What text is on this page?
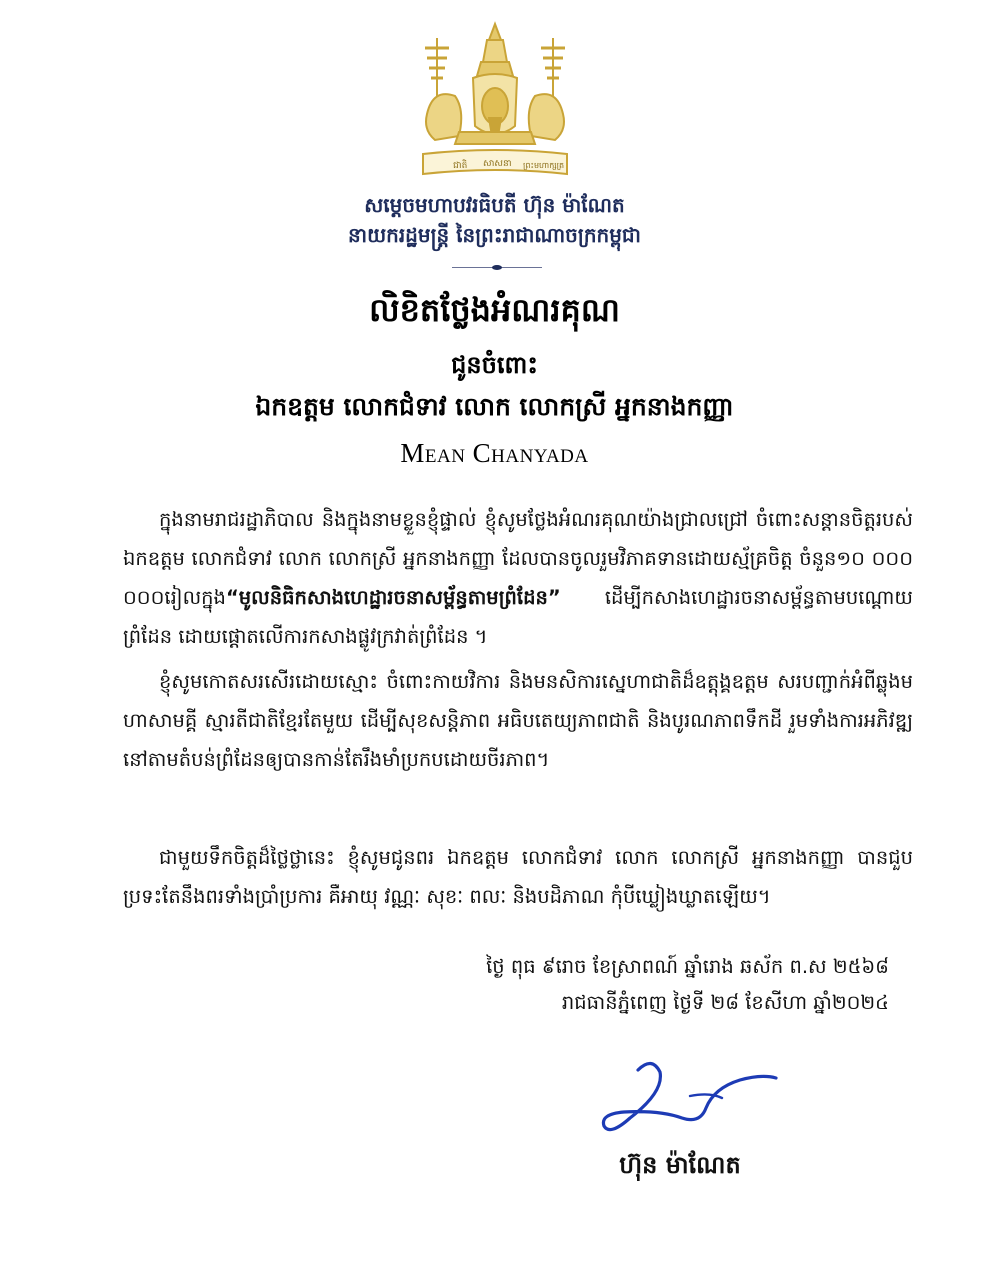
ជាតិ សាសនា ព្រះមហាក្សត្រ
សម្តេចមហាបវរធិបតី ហ៊ុន ម៉ាណែត
នាយករដ្ឋមន្ត្រី នៃព្រះរាជាណាចក្រកម្ពុជា
លិខិតថ្លែងអំណរគុណ
ជូនចំពោះ
ឯកឧត្តម លោកជំទាវ លោក លោកស្រី អ្នកនាងកញ្ញា
Mean Chanyada

ក្នុងនាមរាជរដ្ឋាភិបាល និងក្នុងនាមខ្លួនខ្ញុំផ្ទាល់ ខ្ញុំសូមថ្លែងអំណរគុណយ៉ាងជ្រាលជ្រៅ ចំពោះសន្តានចិត្តរបស់ឯកឧត្តម លោកជំទាវ លោក លោកស្រី អ្នកនាងកញ្ញា ដែលបានចូលរួមវិភាគទានដោយស្ម័គ្រចិត្ត ចំនួន១០ ០០០ ០០០រៀលក្នុង“មូលនិធិកសាងហេដ្ឋារចនាសម្ព័ន្ធតាមព្រំដែន” ដើម្បីកសាងហេដ្ឋារចនាសម្ព័ន្ធតាមបណ្តោយព្រំដែន ដោយផ្តោតលើការកសាងផ្លូវក្រវាត់ព្រំដែន ។

ខ្ញុំសូមកោតសរសើរដោយស្មោះ ចំពោះកាយវិការ និងមនសិការស្នេហាជាតិដ៏ឧត្តុង្គឧត្តម សរបញ្ជាក់អំពីឆ្លុងមហាសាមគ្គី ស្មារតីជាតិខ្មែរតែមួយ ដើម្បីសុខសន្តិភាព អធិបតេយ្យភាពជាតិ និងបូរណភាពទឹកដី រួមទាំងការអភិវឌ្ឍនៅតាមតំបន់ព្រំដែនឲ្យបានកាន់តែរឹងមាំប្រកបដោយចីរភាព។

ជាមួយទឹកចិត្តដ៏ថ្លៃថ្លានេះ ខ្ញុំសូមជូនពរ ឯកឧត្តម លោកជំទាវ លោក លោកស្រី អ្នកនាងកញ្ញា បានជួបប្រទះតែនឹងពរទាំងប្រាំប្រការ គឺអាយុ វណ្ណៈ សុខៈ ពលៈ និងបដិភាណ កុំបីឃ្លៀងឃ្លាតឡើយ។

ថ្ងៃ ពុធ ៩រោច ខែស្រាពណ៍ ឆ្នាំរោង ឆស័ក ព.ស ២៥៦៨
រាជធានីភ្នំពេញ ថ្ងៃទី ២៨ ខែសីហា ឆ្នាំ២០២៤
ហ៊ុន ម៉ាណែត
